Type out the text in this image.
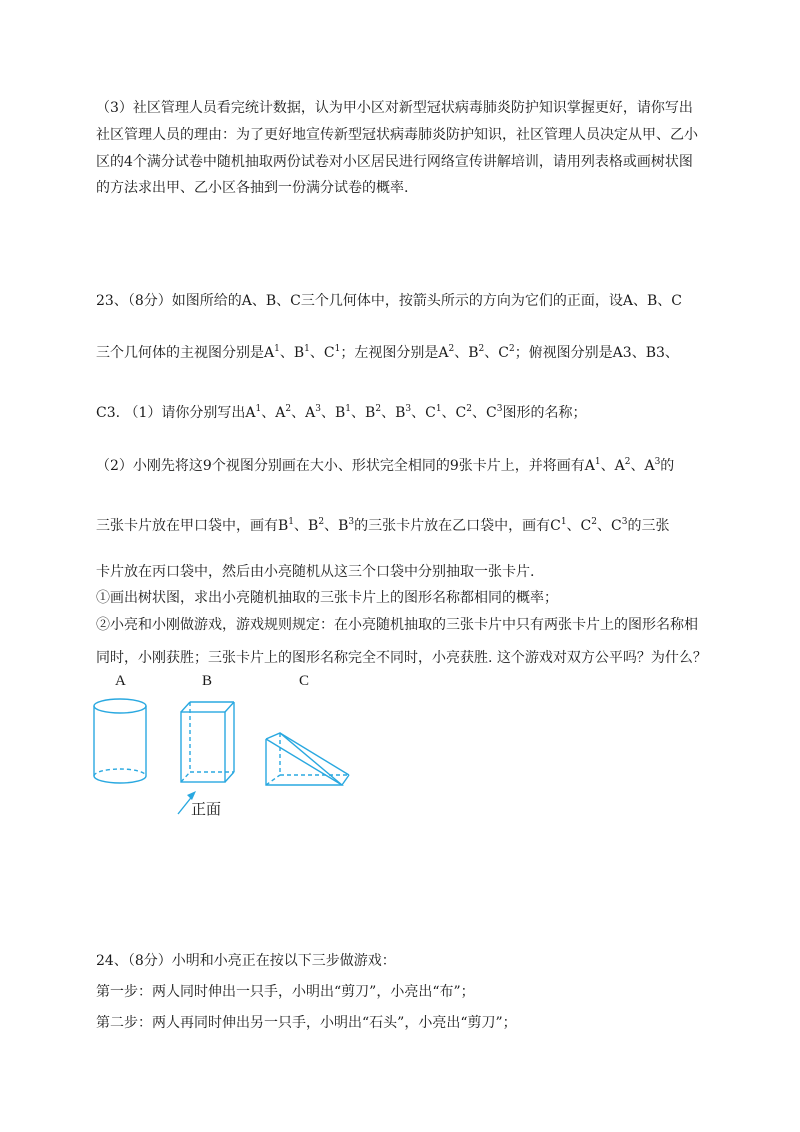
（3）社区管理人员看完统计数据，认为甲小区对新型冠状病毒肺炎防护知识掌握更好，请你写出
社区管理人员的理由：为了更好地宣传新型冠状病毒肺炎防护知识，社区管理人员决定从甲、乙小
区的4个满分试卷中随机抽取两份试卷对小区居民进行网络宣传讲解培训，请用列表格或画树状图
的方法求出甲、乙小区各抽到一份满分试卷的概率.
23、（8分）如图所给的A、B、C三个几何体中，按箭头所示的方向为它们的正面，设A、B、C
三个几何体的主视图分别是$A^1$、$B^1$、$C^1$；左视图分别是$A^2$、$B^2$、$C^2$；俯视图分别是A3、B3、
C3. （1）请你分别写出$A^1$、$A^2$、$A^3$、$B^1$、$B^2$、$B^3$、$C^1$、$C^2$、$C^3$图形的名称；
（2）小刚先将这9个视图分别画在大小、形状完全相同的9张卡片上，并将画有$A^1$、$A^2$、$A^3$的
三张卡片放在甲口袋中，画有$B^1$、$B^2$、$B^3$的三张卡片放在乙口袋中，画有$C^1$、$C^2$、$C^3$的三张
卡片放在丙口袋中，然后由小亮随机从这三个口袋中分别抽取一张卡片.
①画出树状图，求出小亮随机抽取的三张卡片上的图形名称都相同的概率；
②小亮和小刚做游戏，游戏规则规定：在小亮随机抽取的三张卡片中只有两张卡片上的图形名称相
同时，小刚获胜；三张卡片上的图形名称完全不同时，小亮获胜. 这个游戏对双方公平吗？为什么？
A	B	C
正面
24、（8分）小明和小亮正在按以下三步做游戏：
第一步：两人同时伸出一只手，小明出“剪刀”，小亮出“布”；
第二步：两人再同时伸出另一只手，小明出“石头”，小亮出“剪刀”；
